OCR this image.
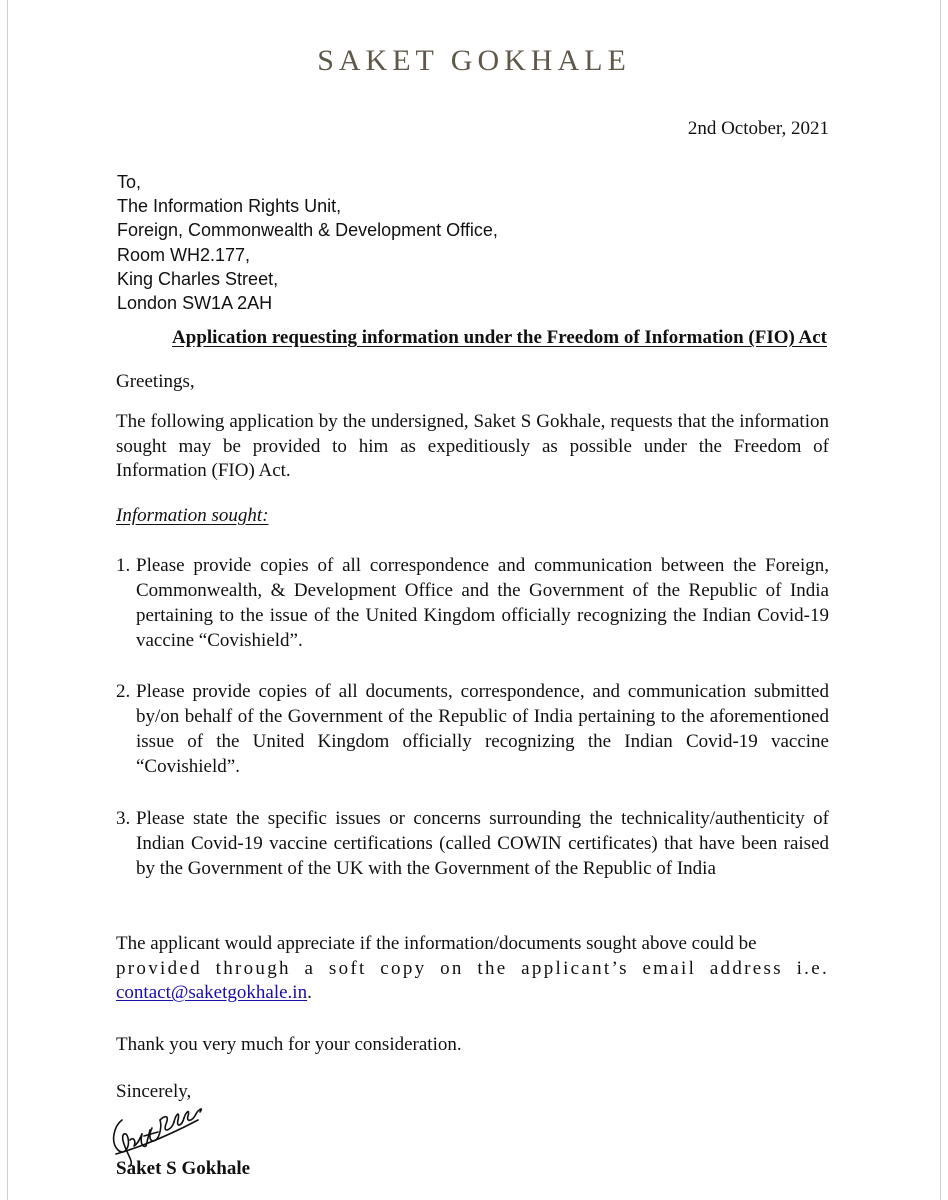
SAKET GOKHALE
2nd October, 2021
To,
The Information Rights Unit,
Foreign, Commonwealth & Development Office,
Room WH2.177,
King Charles Street,
London SW1A 2AH
Application requesting information under the Freedom of Information (FIO) Act
Greetings,
The following application by the undersigned, Saket S Gokhale, requests that the information sought may be provided to him as expeditiously as possible under the Freedom of Information (FIO) Act.
Information sought:
1. Please provide copies of all correspondence and communication between the Foreign, Commonwealth, & Development Office and the Government of the Republic of India pertaining to the issue of the United Kingdom officially recognizing the Indian Covid-19 vaccine “Covishield”.
2. Please provide copies of all documents, correspondence, and communication submitted by/on behalf of the Government of the Republic of India pertaining to the aforementioned issue of the United Kingdom officially recognizing the Indian Covid-19 vaccine “Covishield”.
3. Please state the specific issues or concerns surrounding the technicality/authenticity of Indian Covid-19 vaccine certifications (called COWIN certificates) that have been raised by the Government of the UK with the Government of the Republic of India
The applicant would appreciate if the information/documents sought above could be
provided through a soft copy on the applicant’s email address i.e.
contact@saketgokhale.in.
Thank you very much for your consideration.
Sincerely,
Saket S Gokhale
